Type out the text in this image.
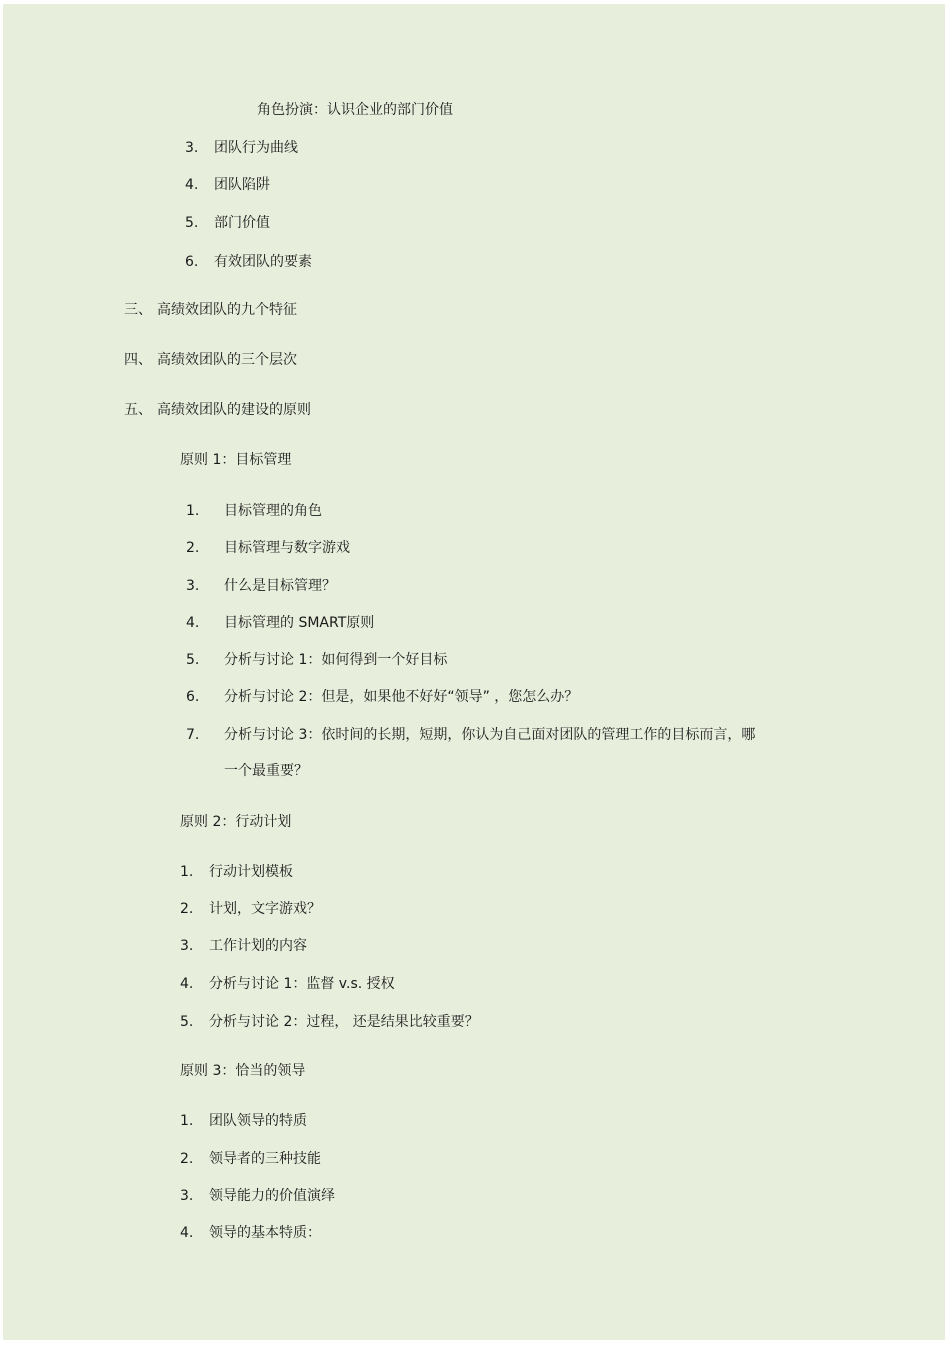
角色扮演：认识企业的部门价值
3. 团队行为曲线
4. 团队陷阱
5. 部门价值
6. 有效团队的要素
三、 高绩效团队的九个特征
四、 高绩效团队的三个层次
五、 高绩效团队的建设的原则
原则 1：目标管理
1. 目标管理的角色
2. 目标管理与数字游戏
3. 什么是目标管理？
4. 目标管理的 SMART原则
5. 分析与讨论 1：如何得到一个好目标
6. 分析与讨论 2：但是，如果他不好好“领导” ，您怎么办？
7. 分析与讨论 3：依时间的长期，短期，你认为自己面对团队的管理工作的目标而言，哪
一个最重要？
原则 2：行动计划
1. 行动计划模板
2. 计划，文字游戏？
3. 工作计划的内容
4. 分析与讨论 1：监督 v.s. 授权
5. 分析与讨论 2：过程， 还是结果比较重要？
原则 3：恰当的领导
1. 团队领导的特质
2. 领导者的三种技能
3. 领导能力的价值演绎
4. 领导的基本特质：
